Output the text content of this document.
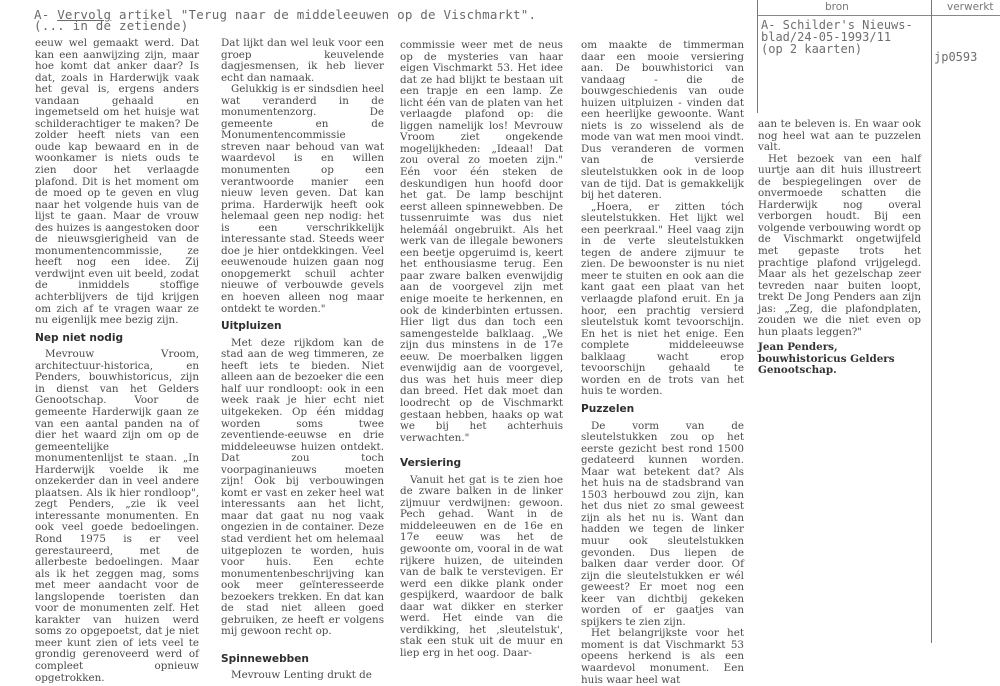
A- Vervolg artikel "Terug naar de middeleeuwen op de Vischmarkt".
(... in de zetiende)
bron	verwerkt
A- Schilder's Nieuws-
blad/24-05-1993/11
(op 2 kaarten)
jp0593

eeuw wel gemaakt werd. Dat kan een aanwijzing zijn, maar hoe komt dat anker daar? Is dat, zoals in Harderwijk vaak het geval is, ergens anders vandaan gehaald en ingemetseld om het huisje wat schilderachtiger te maken? De zolder heeft niets van een oude kap bewaard en in de woonkamer is niets ouds te zien door het verlaagde plafond. Dit is het moment om de moed op te geven en vlug naar het volgende huis van de lijst te gaan. Maar de vrouw des huizes is aangestoken door de nieuwsgierigheid van de monumentencommissie, ze heeft nog een idee. Zij verdwijnt even uit beeld, zodat de inmiddels stoffige achterblijvers de tijd krijgen om zich af te vragen waar ze nu eigenlijk mee bezig zijn.

Nep niet nodig

Mevrouw Vroom, architectuur-historica, en Penders, bouwhistoricus, zijn in dienst van het Gelders Genootschap. Voor de gemeente Harderwijk gaan ze van een aantal panden na of dier het waard zijn om op de gemeentelijke monumentenlijst te staan. „In Harderwijk voelde ik me onzekerder dan in veel andere plaatsen. Als ik hier rondloop", zegt Penders, „zie ik veel interessante monumenten. En ook veel goede bedoelingen. Rond 1975 is er veel gerestaureerd, met de allerbeste bedoelingen. Maar als ik het zeggen mag, soms met meer aandacht voor de langslopende toeristen dan voor de monumenten zelf. Het karakter van huizen werd soms zo opgepoetst, dat je niet meer kunt zien of iets veel te grondig gerenoveerd werd of compleet opnieuw opgetrokken.

Dat lijkt dan wel leuk voor een groep keuvelende dagjesmensen, ik heb liever echt dan namaak.

Gelukkig is er sindsdien heel wat veranderd in de monumentenzorg. De gemeente en de Monumentencommissie streven naar behoud van wat waardevol is en willen monumenten op een verantwoorde manier een nieuw leven geven. Dat kan prima. Harderwijk heeft ook helemaal geen nep nodig: het is een verschrikkelijk interessante stad. Steeds weer doe je hier ontdekkingen. Veel eeuwenoude huizen gaan nog onopgemerkt schuil achter nieuwe of verbouwde gevels en hoeven alleen nog maar ontdekt te worden."

Uitpluizen

Met deze rijkdom kan de stad aan de weg timmeren, ze heeft iets te bieden. Niet alleen aan de bezoeker die een half uur rondloopt: ook in een week raak je hier echt niet uitgekeken. Op één middag worden soms twee zeventiende-eeuwse en drie middeleeuwse huizen ontdekt. Dat zou toch voorpaginanieuws moeten zijn! Ook bij verbouwingen komt er vast en zeker heel wat interessants aan het licht, maar dat gaat nu nog vaak ongezien in de container. Deze stad verdient het om helemaal uitgeplozen te worden, huis voor huis. Een echte monumentenbeschrijving kan ook meer geïnteresseerde bezoekers trekken. En dat kan de stad niet alleen goed gebruiken, ze heeft er volgens mij gewoon recht op.

Spinnewebben

Mevrouw Lenting drukt de

commissie weer met de neus op de mysteries van haar eigen Vischmarkt 53. Het idee dat ze had blijkt te bestaan uit een trapje en een lamp. Ze licht één van de platen van het verlaagde plafond op: die liggen namelijk los! Mevrouw Vroom ziet ongekende mogelijkheden: „Ideaal! Dat zou overal zo moeten zijn." Eén voor één steken de deskundigen hun hoofd door het gat. De lamp beschijnt eerst alleen spinnewebben. De tussenruimte was dus niet helemáál ongebruikt. Als het werk van de illegale bewoners een beetje opgeruimd is, keert het enthousiasme terug. Een paar zware balken evenwijdig aan de voorgevel zijn met enige moeite te herkennen, en ook de kinderbinten ertussen. Hier ligt dus dan toch een samengestelde balklaag. „We zijn dus minstens in de 17e eeuw. De moerbalken liggen evenwijdig aan de voorgevel, dus was het huis meer diep dan breed. Het dak moet dan loodrecht op de Vischmarkt gestaan hebben, haaks op wat we bij het achterhuis verwachten."

Versiering

Vanuit het gat is te zien hoe de zware balken in de linker zijmuur verdwijnen: gewoon. Pech gehad. Want in de middeleeuwen en de 16e en 17e eeuw was het de gewoonte om, vooral in de wat rijkere huizen, de uiteinden van de balk te verstevigen. Er werd een dikke plank onder gespijkerd, waardoor de balk daar wat dikker en sterker werd. Het einde van die verdikking, het ‚sleutelstuk', stak een stuk uit de muur en liep erg in het oog. Daar-

om maakte de timmerman daar een mooie versiering aan. De bouwhistorici van vandaag - die de bouwgeschiedenis van oude huizen uitpluizen - vinden dat een heerlijke gewoonte. Want niets is zo wisselend als de mode van wat men mooi vindt. Dus veranderen de vormen van de versierde sleutelstukken ook in de loop van de tijd. Dat is gemakkelijk bij het dateren.

„Hoera, er zitten tóch sleutelstukken. Het lijkt wel een peerkraal." Heel vaag zijn in de verte sleutelstukken tegen de andere zijmuur te zien. De bewoonster is nu niet meer te stuiten en ook aan die kant gaat een plaat van het verlaagde plafond eruit. En ja hoor, een prachtig versierd sleutelstuk komt tevoorschijn. En het is niet het enige. Een complete middeleeuwse balklaag wacht erop tevoorschijn gehaald te worden en de trots van het huis te worden.

Puzzelen

De vorm van de sleutelstukken zou op het eerste gezicht best rond 1500 gedateerd kunnen worden. Maar wat betekent dat? Als het huis na de stadsbrand van 1503 herbouwd zou zijn, kan het dus niet zo smal geweest zijn als het nu is. Want dan hadden we tegen de linker muur ook sleutelstukken gevonden. Dus liepen de balken daar verder door. Of zijn die sleutelstukken er wél geweest? Er moet nog een keer van dichtbij gekeken worden of er gaatjes van spijkers te zien zijn.

Het belangrijkste voor het moment is dat Vischmarkt 53 opeens herkend is als een waardevol monument. Een huis waar heel wat

aan te beleven is. En waar ook nog heel wat aan te puzzelen valt.

Het bezoek van een half uurtje aan dit huis illustreert de bespiegelingen over de onvermoede schatten die Harderwijk nog overal verborgen houdt. Bij een volgende verbouwing wordt op de Vischmarkt ongetwijfeld met gepaste trots het prachtige plafond vrijgelegd. Maar als het gezelschap zeer tevreden naar buiten loopt, trekt De Jong Penders aan zijn jas: „Zeg, die plafondplaten, zouden we die niet even op hun plaats leggen?"

Jean Penders, bouwhistoricus Gelders Genootschap.
